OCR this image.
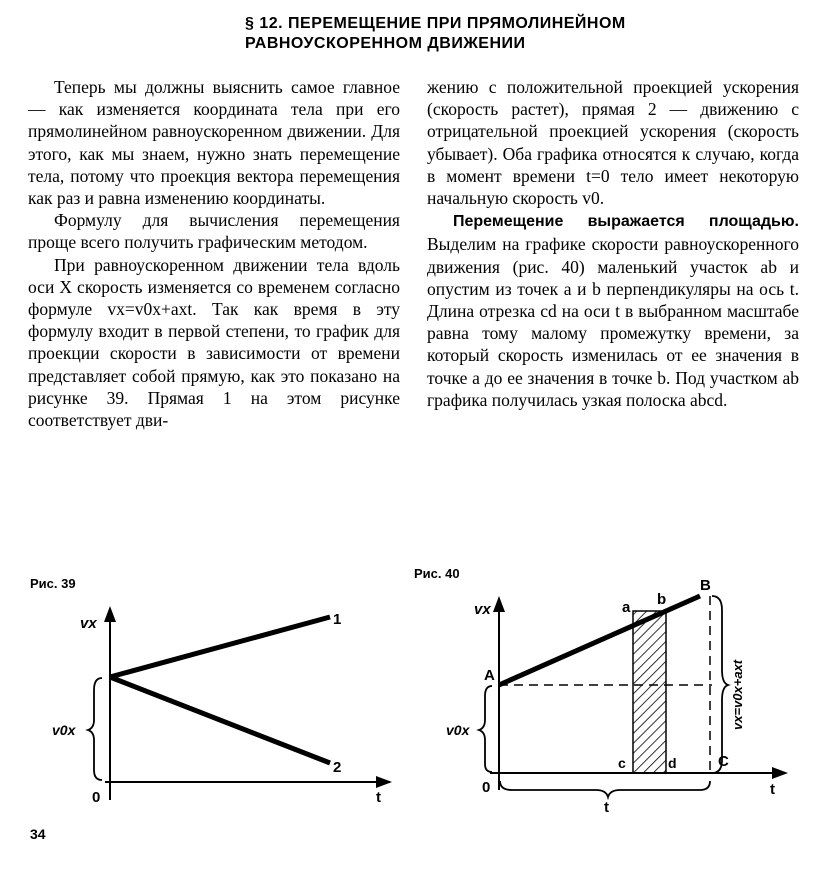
§ 12. ПЕРЕМЕЩЕНИЕ ПРИ ПРЯМОЛИНЕЙНОМ РАВНОУСКОРЕННОМ ДВИЖЕНИИ

Теперь мы должны выяснить самое главное — как изменяется координата тела при его прямолинейном равноускоренном движении. Для этого, как мы знаем, нужно знать перемещение тела, потому что проекция вектора перемещения как раз и равна изменению координаты.

Формулу для вычисления перемещения проще всего получить графическим методом.

При равноускоренном движении тела вдоль оси X скорость изменяется со временем согласно формуле vx=v0x+axt. Так как время в эту формулу входит в первой степени, то график для проекции скорости в зависимости от времени представляет собой прямую, как это показано на рисунке 39. Прямая 1 на этом рисунке соответствует дви-

жению с положительной проекцией ускорения (скорость растет), прямая 2 — движению с отрицательной проекцией ускорения (скорость убывает). Оба графика относятся к случаю, когда в момент времени t=0 тело имеет некоторую начальную скорость v0.

Перемещение выражается площадью. Выделим на графике скорости равноускоренного движения (рис. 40) маленький участок ab и опустим из точек a и b перпендикуляры на ось t. Длина отрезка cd на оси t в выбранном масштабе равна тому малому промежутку времени, за который скорость изменилась от ее значения в точке a до ее значения в точке b. Под участком ab графика получилась узкая полоска abcd.

Рис. 39
Рис. 40
vx
v0x
0	t
1
2
vx
v0x
0	t
t
A
B
C
a b
c	d
vx=v0x+axt
34
